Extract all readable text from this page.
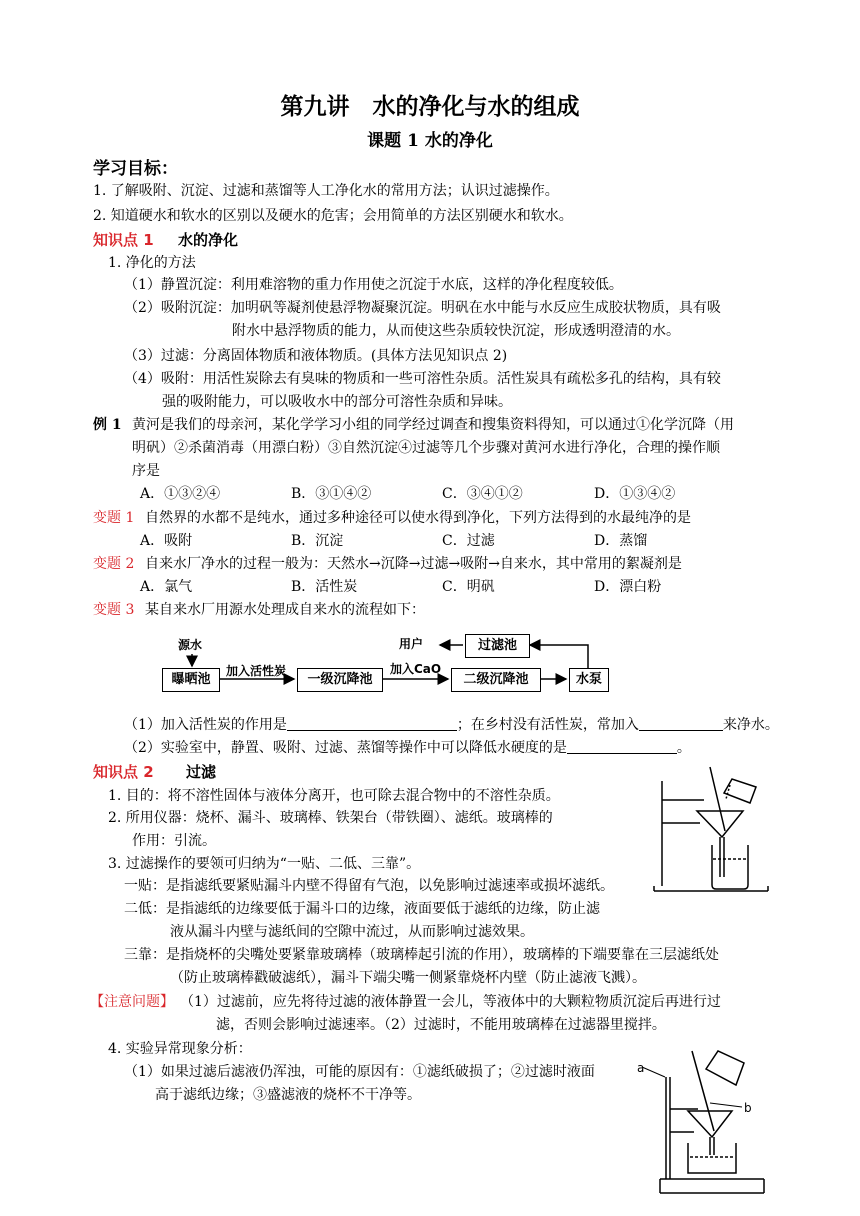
第九讲　水的净化与水的组成
课题 1 水的净化
学习目标：
1. 了解吸附、沉淀、过滤和蒸馏等人工净化水的常用方法；认识过滤操作。
2. 知道硬水和软水的区别以及硬水的危害；会用简单的方法区别硬水和软水。
知识点 1 水的净化
1. 净化的方法
（1）静置沉淀：利用难溶物的重力作用使之沉淀于水底，这样的净化程度较低。
（2）吸附沉淀：加明矾等凝剂使悬浮物凝聚沉淀。明矾在水中能与水反应生成胶状物质，具有吸
附水中悬浮物质的能力，从而使这些杂质较快沉淀，形成透明澄清的水。
（3）过滤：分离固体物质和液体物质。(具体方法见知识点 2)
（4）吸附：用活性炭除去有臭味的物质和一些可溶性杂质。活性炭具有疏松多孔的结构，具有较
强的吸附能力，可以吸收水中的部分可溶性杂质和异味。
例 1 黄河是我们的母亲河，某化学学习小组的同学经过调查和搜集资料得知，可以通过①化学沉降（用
明矾）②杀菌消毒（用漂白粉）③自然沉淀④过滤等几个步骤对黄河水进行净化，合理的操作顺
序是
A．①③②④	B．③①④②	C．③④①②	D．①③④②
变题 1 自然界的水都不是纯水，通过多种途径可以使水得到净化，下列方法得到的水最纯净的是
A．吸附	B．沉淀	C．过滤	D．蒸馏
变题 2 自来水厂净水的过程一般为：天然水→沉降→过滤→吸附→自来水，其中常用的絮凝剂是
A．氯气	B．活性炭	C．明矾	D．漂白粉
变题 3 某自来水厂用源水处理成自来水的流程如下：
源水
曝晒池
加入活性炭
一级沉降池
加入CaO
二级沉降池	水泵
过滤池
用户
（1）加入活性炭的作用是	；在乡村没有活性炭，常加入	来净水。
（2）实验室中，静置、吸附、过滤、蒸馏等操作中可以降低水硬度的是	。
知识点 2 过滤
1. 目的：将不溶性固体与液体分离开，也可除去混合物中的不溶性杂质。
2. 所用仪器：烧杯、漏斗、玻璃棒、铁架台（带铁圈）、滤纸。玻璃棒的
作用：引流。
3. 过滤操作的要领可归纳为“一贴、二低、三靠”。
一贴：是指滤纸要紧贴漏斗内壁不得留有气泡，以免影响过滤速率或损坏滤纸。
二低：是指滤纸的边缘要低于漏斗口的边缘，液面要低于滤纸的边缘，防止滤
液从漏斗内壁与滤纸间的空隙中流过，从而影响过滤效果。
三靠：是指烧杯的尖嘴处要紧靠玻璃棒（玻璃棒起引流的作用），玻璃棒的下端要靠在三层滤纸处
（防止玻璃棒戳破滤纸），漏斗下端尖嘴一侧紧靠烧杯内壁（防止滤液飞溅）。
【注意问题】 （1）过滤前，应先将待过滤的液体静置一会儿，等液体中的大颗粒物质沉淀后再进行过
滤，否则会影响过滤速率。（2）过滤时，不能用玻璃棒在过滤器里搅拌。
4. 实验异常现象分析：
（1）如果过滤后滤液仍浑浊，可能的原因有：①滤纸破损了；②过滤时液面
高于滤纸边缘；③盛滤液的烧杯不干净等。
a
b
